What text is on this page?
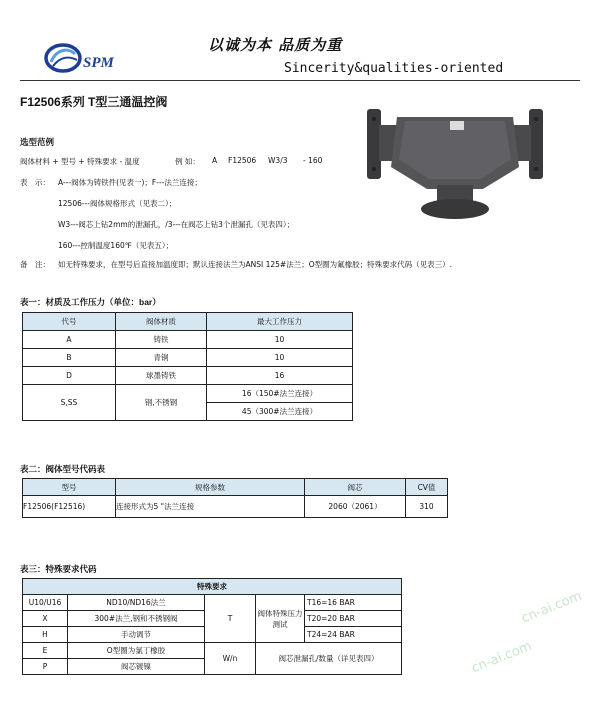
SPM
以诚为本 品质为重
Sincerity&qualities-oriented
F12506系列 T型三通温控阀
选型范例
阀体材料 + 型号 + 特殊要求 - 温度	例 如： A F12506 W3/3 - 160
表　示： A---阀体为铸铁件(见表一)；F---法兰连接；
12506---阀体规格形式（见表二）；
W3---阀芯上钻2mm的泄漏孔，/3---在阀芯上钻3个泄漏孔（见表四）；
160---控制温度160℉（见表五）；
备　注： 如无特殊要求，在型号后直接加温度即；默认连接法兰为ANSI 125#法兰；O型圈为氟橡胶；特殊要求代码（见表三）.
表一：材质及工作压力（单位：bar）
代号	阀体材质	最大工作压力
A	铸铁	10
B	青铜	10
D	球墨铸铁	16
S,SS	钢,不锈钢	16（150#法兰连接）
		45（300#法兰连接）
表二：阀体型号代码表
型号	规格参数	阀芯	CV值
F12506(F12516)	连接形式为5 "法兰连接	2060（2061）	310
表三：特殊要求代码
特殊要求				
U10/U16	ND10/ND16法兰	T	阀体特殊压力测试	T16=16 BAR
X	300#法兰,钢和不锈钢阀			T20=20 BAR
H	手动调节			T24=24 BAR
E	O型圈为氯丁橡胶	W/n	阀芯泄漏孔/数量（详见表四）	
P	阀芯镀镍				cn-ai.com
cn-ai.com
